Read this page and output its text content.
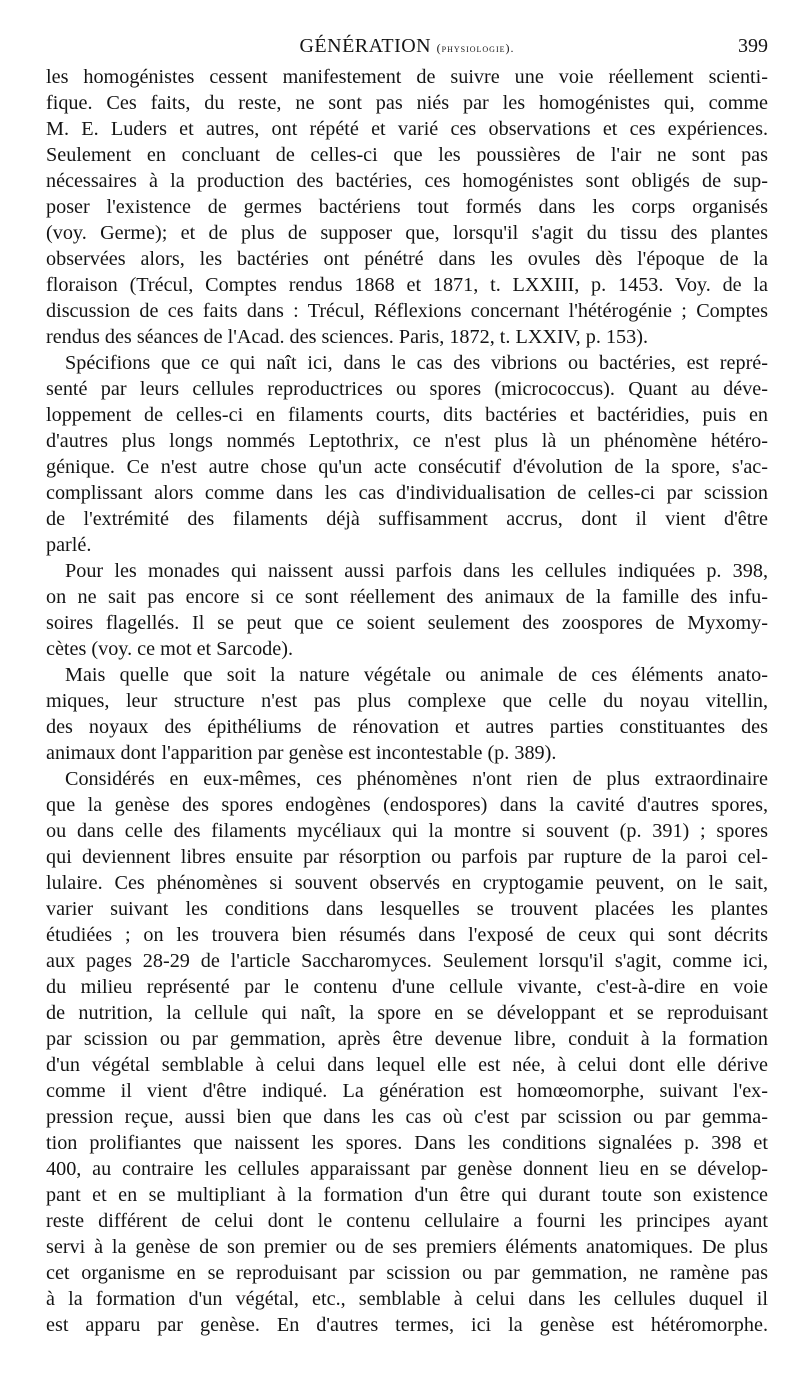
GÉNÉRATION (physiologie).	399
les homogénistes cessent manifestement de suivre une voie réellement scienti-
fique. Ces faits, du reste, ne sont pas niés par les homogénistes qui, comme
M. E. Luders et autres, ont répété et varié ces observations et ces expériences.
Seulement en concluant de celles-ci que les poussières de l'air ne sont pas
nécessaires à la production des bactéries, ces homogénistes sont obligés de sup-
poser l'existence de germes bactériens tout formés dans les corps organisés
(voy. Germe); et de plus de supposer que, lorsqu'il s'agit du tissu des plantes
observées alors, les bactéries ont pénétré dans les ovules dès l'époque de la
floraison (Trécul, Comptes rendus 1868 et 1871, t. LXXIII, p. 1453. Voy. de la
discussion de ces faits dans : Trécul, Réflexions concernant l'hétérogénie ; Comptes
rendus des séances de l'Acad. des sciences. Paris, 1872, t. LXXIV, p. 153).
Spécifions que ce qui naît ici, dans le cas des vibrions ou bactéries, est repré-
senté par leurs cellules reproductrices ou spores (micrococcus). Quant au déve-
loppement de celles-ci en filaments courts, dits bactéries et bactéridies, puis en
d'autres plus longs nommés Leptothrix, ce n'est plus là un phénomène hétéro-
génique. Ce n'est autre chose qu'un acte consécutif d'évolution de la spore, s'ac-
complissant alors comme dans les cas d'individualisation de celles-ci par scission
de l'extrémité des filaments déjà suffisamment accrus, dont il vient d'être
parlé.
Pour les monades qui naissent aussi parfois dans les cellules indiquées p. 398,
on ne sait pas encore si ce sont réellement des animaux de la famille des infu-
soires flagellés. Il se peut que ce soient seulement des zoospores de Myxomy-
cètes (voy. ce mot et Sarcode).
Mais quelle que soit la nature végétale ou animale de ces éléments anato-
miques, leur structure n'est pas plus complexe que celle du noyau vitellin,
des noyaux des épithéliums de rénovation et autres parties constituantes des
animaux dont l'apparition par genèse est incontestable (p. 389).
Considérés en eux-mêmes, ces phénomènes n'ont rien de plus extraordinaire
que la genèse des spores endogènes (endospores) dans la cavité d'autres spores,
ou dans celle des filaments mycéliaux qui la montre si souvent (p. 391) ; spores
qui deviennent libres ensuite par résorption ou parfois par rupture de la paroi cel-
lulaire. Ces phénomènes si souvent observés en cryptogamie peuvent, on le sait,
varier suivant les conditions dans lesquelles se trouvent placées les plantes
étudiées ; on les trouvera bien résumés dans l'exposé de ceux qui sont décrits
aux pages 28-29 de l'article Saccharomyces. Seulement lorsqu'il s'agit, comme ici,
du milieu représenté par le contenu d'une cellule vivante, c'est-à-dire en voie
de nutrition, la cellule qui naît, la spore en se développant et se reproduisant
par scission ou par gemmation, après être devenue libre, conduit à la formation
d'un végétal semblable à celui dans lequel elle est née, à celui dont elle dérive
comme il vient d'être indiqué. La génération est homœomorphe, suivant l'ex-
pression reçue, aussi bien que dans les cas où c'est par scission ou par gemma-
tion prolifiantes que naissent les spores. Dans les conditions signalées p. 398 et
400, au contraire les cellules apparaissant par genèse donnent lieu en se dévelop-
pant et en se multipliant à la formation d'un être qui durant toute son existence
reste différent de celui dont le contenu cellulaire a fourni les principes ayant
servi à la genèse de son premier ou de ses premiers éléments anatomiques. De plus
cet organisme en se reproduisant par scission ou par gemmation, ne ramène pas
à la formation d'un végétal, etc., semblable à celui dans les cellules duquel il
est apparu par genèse. En d'autres termes, ici la genèse est hétéromorphe.
